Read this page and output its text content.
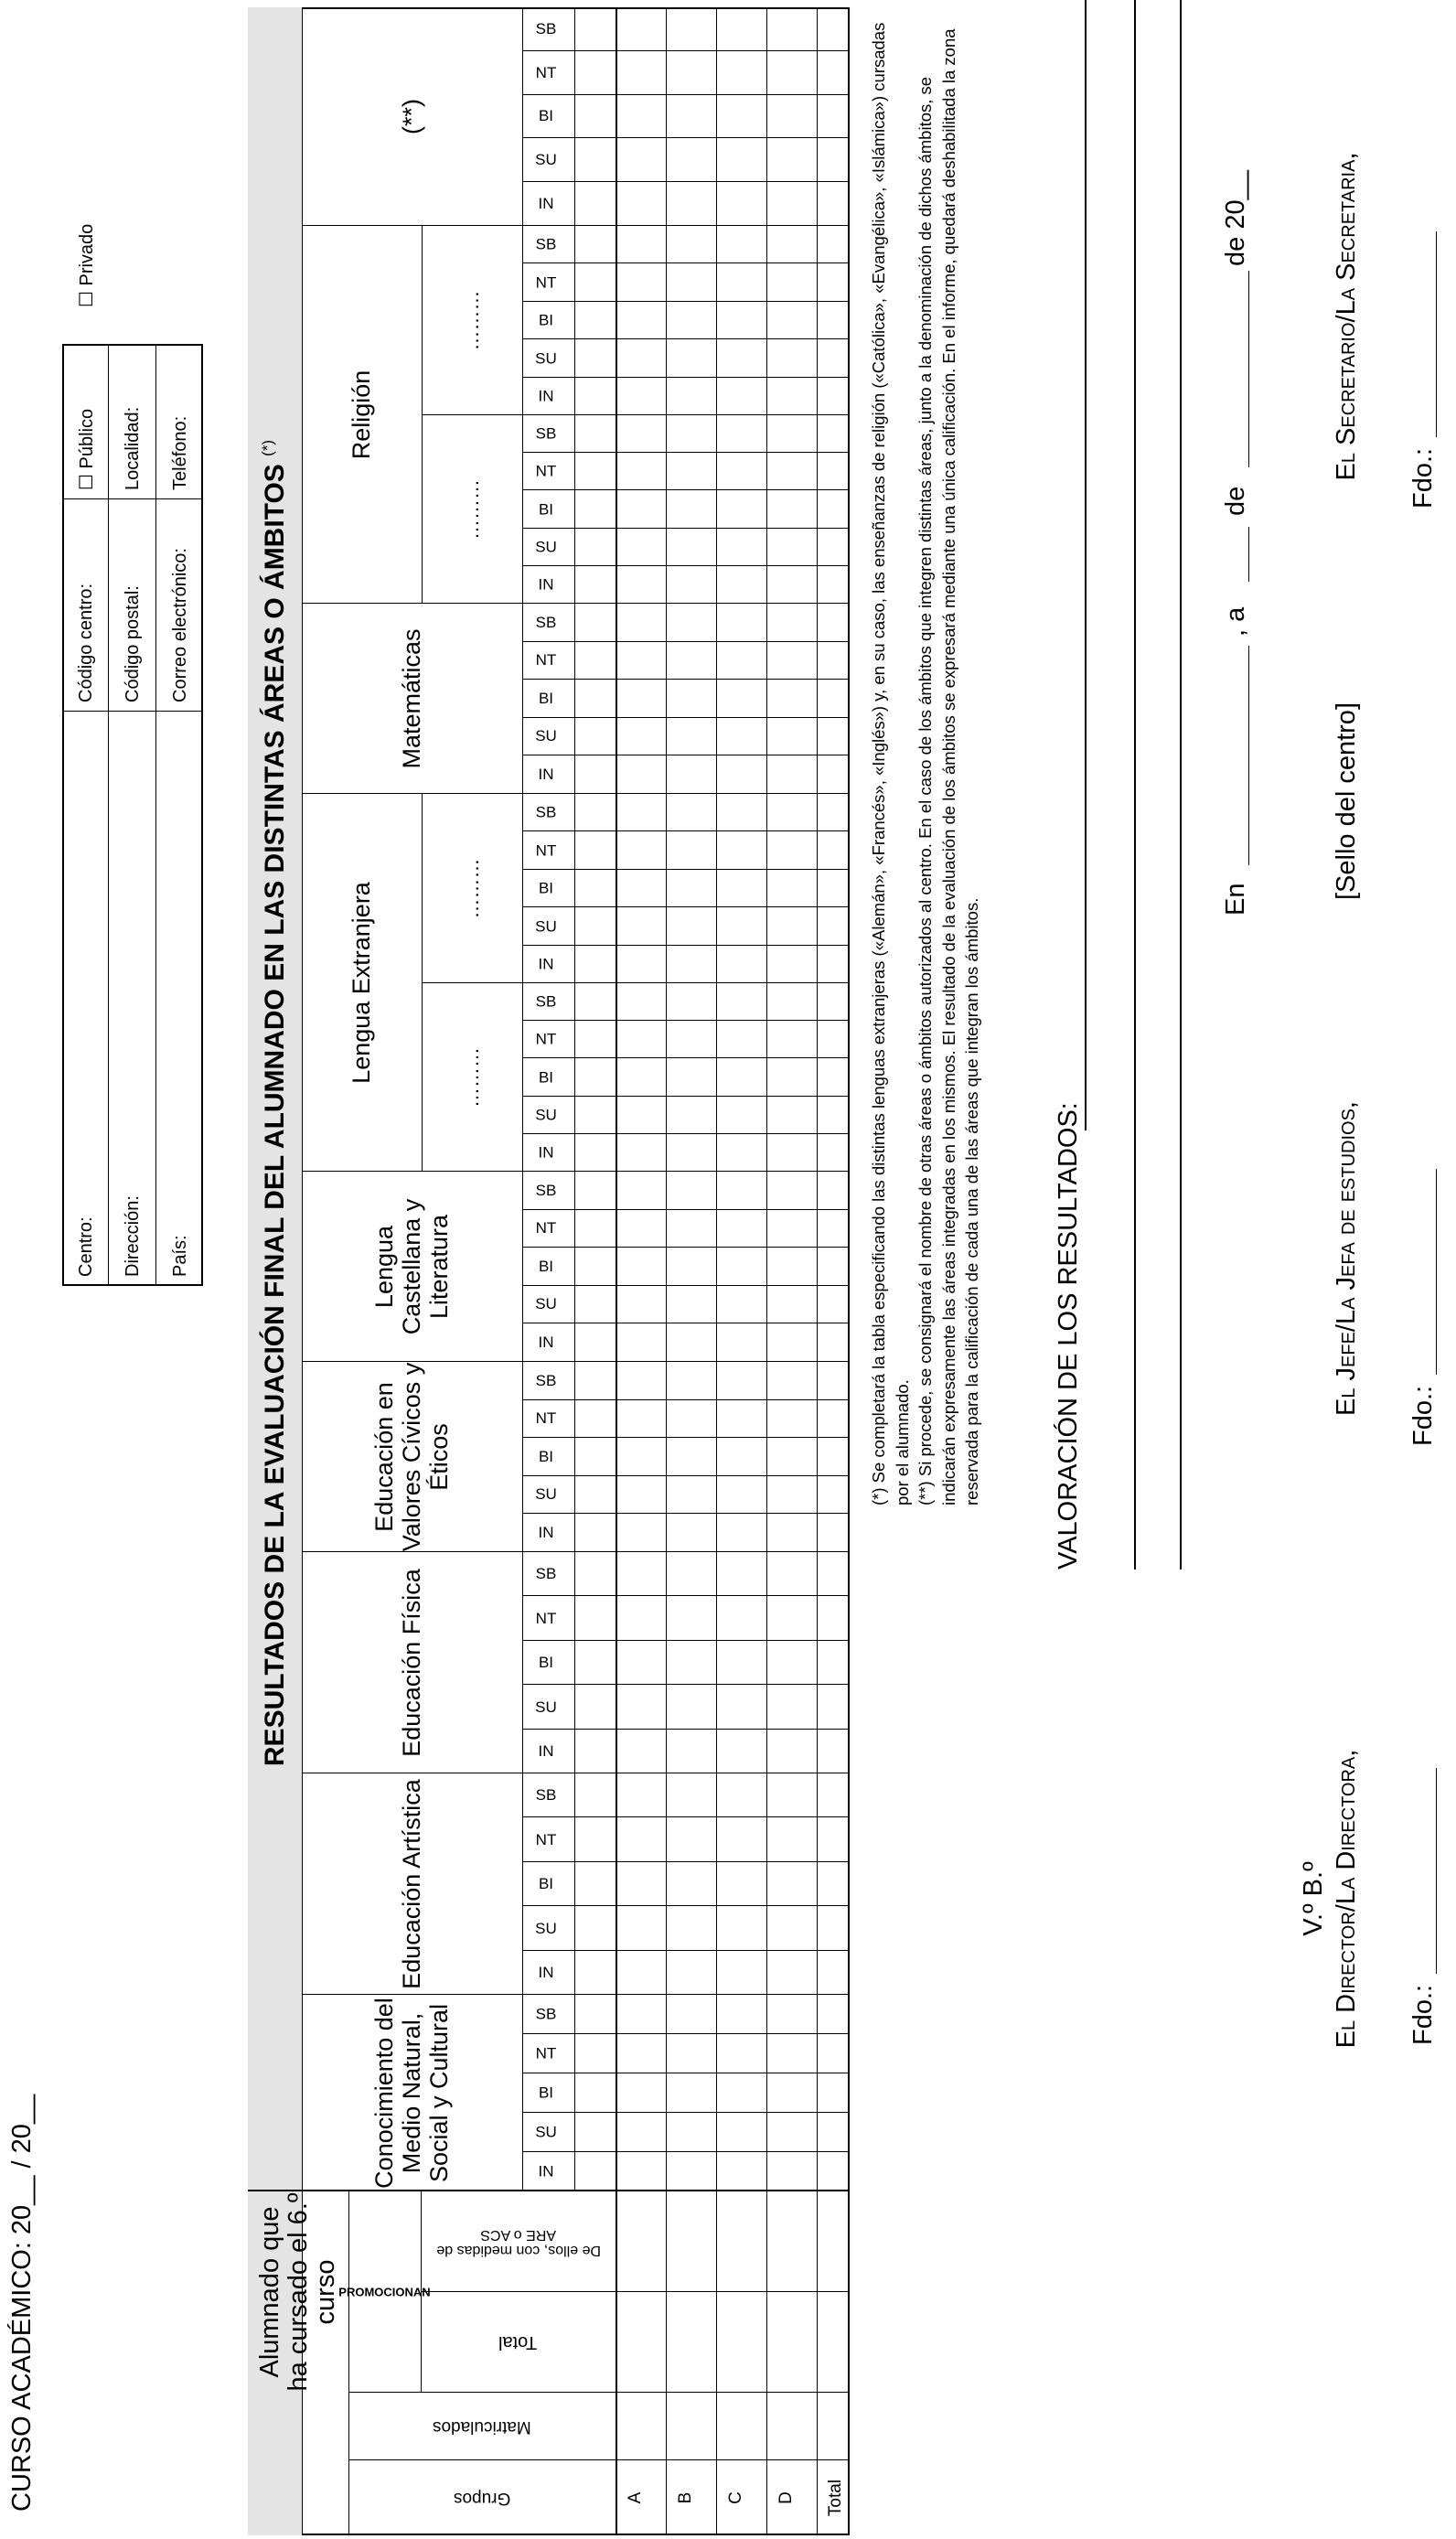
CURSO ACADÉMICO: 20__ / 20__
Centro:
Código centro:
☐ Público
☐ Privado
Dirección:
Código postal:
Localidad:
País:
Correo electrónico:
Teléfono:
RESULTADOS DE LA EVALUACIÓN FINAL DEL ALUMNADO EN LAS DISTINTAS ÁREAS O ÁMBITOS

(*)
Alumnado que ha cursado el 6.º curso
Grupos
Matriculados
PROMOCIONAN
Total
De ellos, con medidas de ARE o ACS
IN
SU
BI
NT
SB
IN
SU
BI
NT
SB
IN
SU
BI
NT
SB
IN
SU
BI
NT
SB
IN
SU
BI
NT
SB
IN
SU
BI
NT
SB
IN
SU
BI
NT
SB
IN
SU
BI
NT
SB
IN
SU
BI
NT
SB
IN
SU
BI
NT
SB
IN
SU
BI
NT
SB
Conocimiento del Medio Natural, Social y Cultural
Educación Artística
Educación Física
Educación en Valores Cívicos y Éticos
Lengua Castellana y Literatura
Lengua Extranjera
Matemáticas
Religión
(**)
………
………
………
………
A B C D Total
(*) Se completará la tabla especificando las distintas lenguas extranjeras («Alemán», «Francés», «Inglés») y, en su caso, las enseñanzas de religión («Católica», «Evangélica», «Islámica») cursadas por el alumnado. (**) Si procede, se consignará el nombre de otras áreas o ámbitos autorizados al centro. En el caso de los ámbitos que integren distintas áreas, junto a la denominación de dichos ámbitos, se indicarán expresamente las áreas integradas en los mismos. El resultado de la evaluación de los ámbitos se expresará mediante una única calificación. En el informe, quedará deshabilitada la zona reservada para la calificación de cada una de las áreas que integran los ámbitos.	VALORACIÓN DE LOS RESULTADOS:
En
, a
de
de 20__
V.º B.º El Director/La Directora,
El Jefe/La Jefa de estudios,
[Sello del centro]
El Secretario/La Secretaria,
Fdo.:
Fdo.:
Fdo.:
